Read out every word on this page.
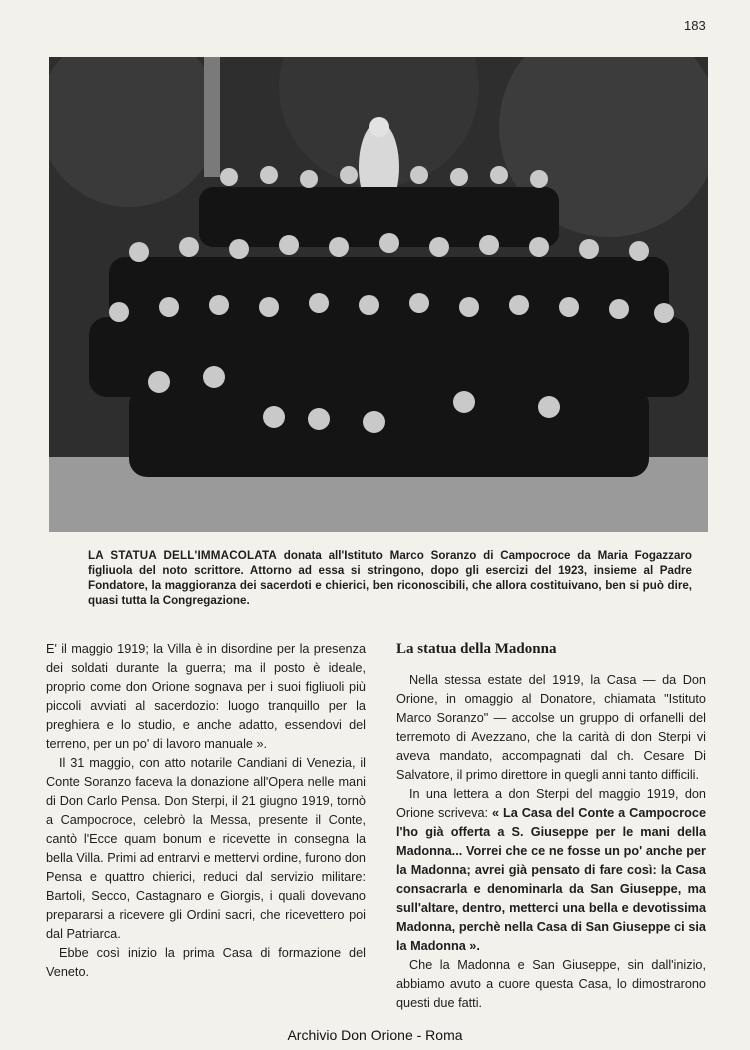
183
LA STATUA DELL'IMMACOLATA donata all'Istituto Marco Soranzo di Campocroce da Maria Fogazzaro figliuola del noto scrittore. Attorno ad essa si stringono, dopo gli esercizi del 1923, insieme al Padre Fondatore, la maggioranza dei sacerdoti e chierici, ben riconoscibili, che allora costituivano, ben si può dire, quasi tutta la Congregazione.

E' il maggio 1919; la Villa è in disordine per la presenza dei soldati durante la guerra; ma il posto è ideale, proprio come don Orione sognava per i suoi figliuoli più piccoli avviati al sacerdozio: luogo tranquillo per la preghiera e lo studio, e anche adatto, essendovi del terreno, per un po' di lavoro manuale ».

Il 31 maggio, con atto notarile Candiani di Venezia, il Conte Soranzo faceva la donazione all'Opera nelle mani di Don Carlo Pensa. Don Sterpi, il 21 giugno 1919, tornò a Campocroce, celebrò la Messa, presente il Conte, cantò l'Ecce quam bonum e ricevette in consegna la bella Villa. Primi ad entrarvi e mettervi ordine, furono don Pensa e quattro chierici, reduci dal servizio militare: Bartoli, Secco, Castagnaro e Giorgis, i quali dovevano prepararsi a ricevere gli Ordini sacri, che ricevettero poi dal Patriarca.

Ebbe così inizio la prima Casa di formazione del Veneto.

La statua della Madonna

Nella stessa estate del 1919, la Casa — da Don Orione, in omaggio al Donatore, chiamata "Istituto Marco Soranzo" — accolse un gruppo di orfanelli del terremoto di Avezzano, che la carità di don Sterpi vi aveva mandato, accompagnati dal ch. Cesare Di Salvatore, il primo direttore in quegli anni tanto difficili.

In una lettera a don Sterpi del maggio 1919, don Orione scriveva: « La Casa del Conte a Campocroce l'ho già offerta a S. Giuseppe per le mani della Madonna... Vorrei che ce ne fosse un po' anche per la Madonna; avrei già pensato di fare così: la Casa consacrarla e denominarla da San Giuseppe, ma sull'altare, dentro, metterci una bella e devotissima Madonna, perchè nella Casa di San Giuseppe ci sia la Madonna ».

Che la Madonna e San Giuseppe, sin dall'inizio, abbiamo avuto a cuore questa Casa, lo dimostrarono questi due fatti.

Archivio Don Orione - Roma
